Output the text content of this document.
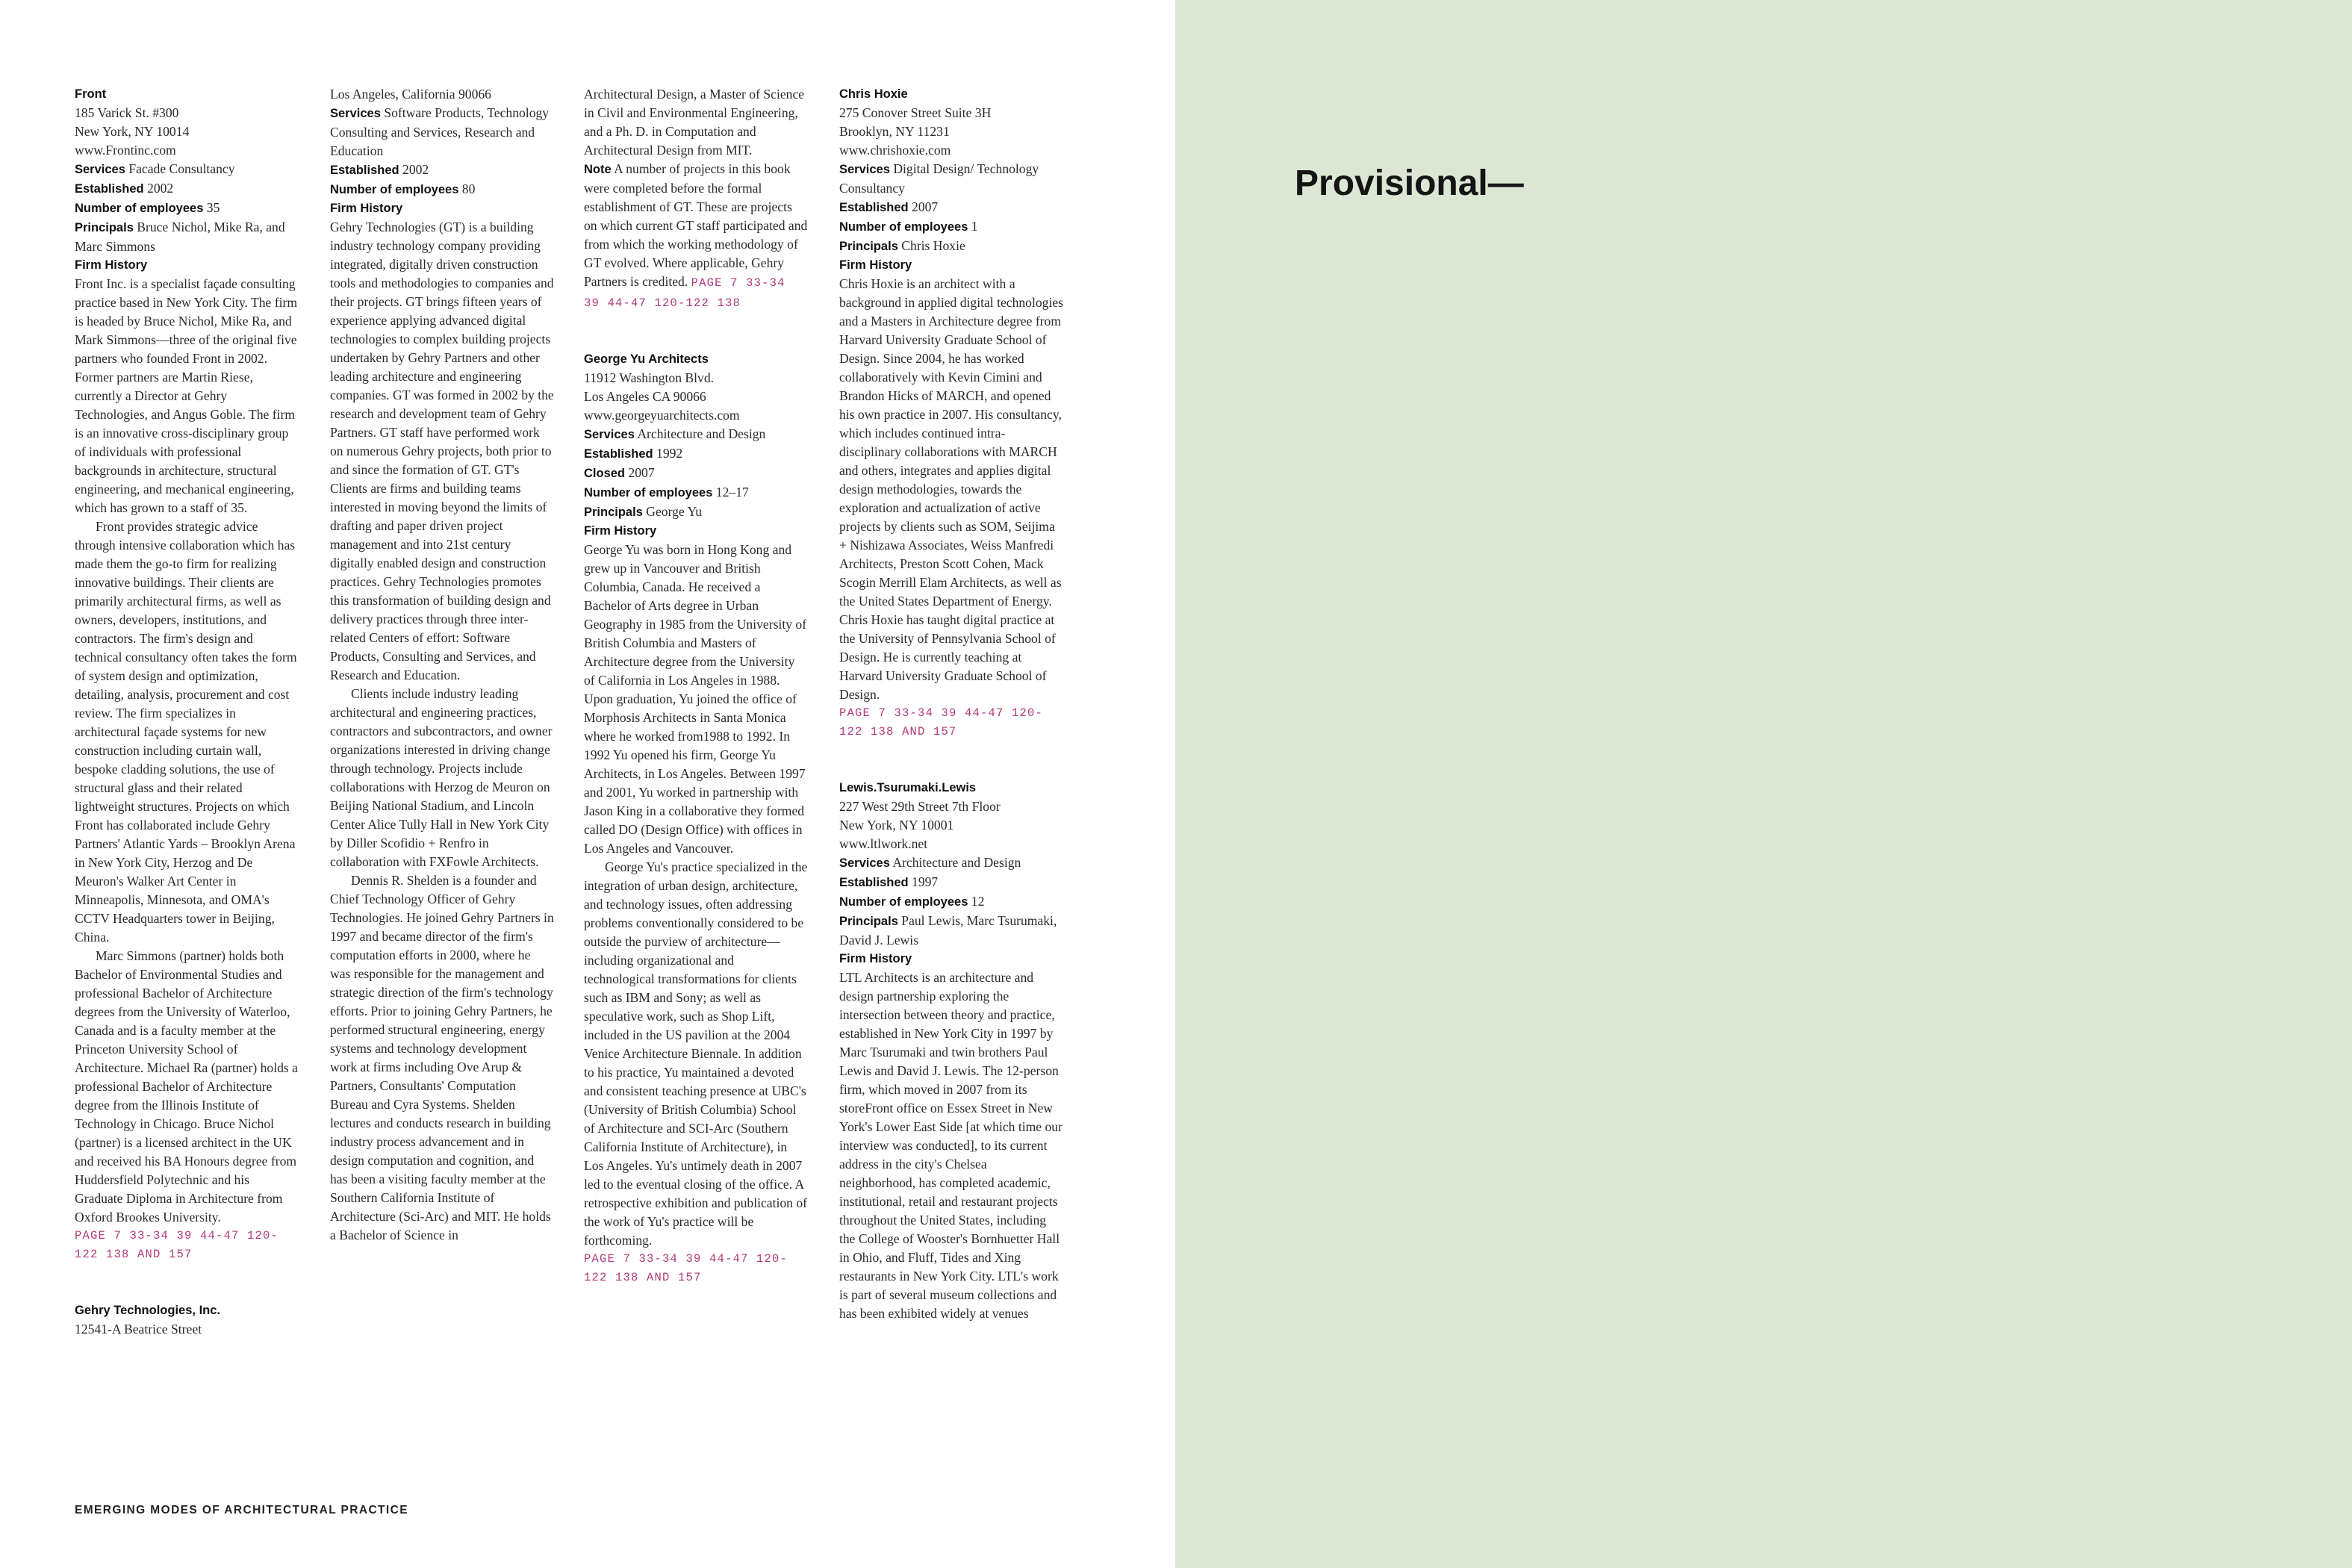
Front

185 Varick St. #300

New York, NY 10014

www.Frontinc.com

Services Facade Consultancy

Established 2002

Number of employees 35

Principals Bruce Nichol, Mike Ra, and Marc Simmons

Firm History

Front Inc. is a specialist façade consulting practice based in New York City. The firm is headed by Bruce Nichol, Mike Ra, and Mark Simmons—three of the original five partners who founded Front in 2002. Former partners are Martin Riese, currently a Director at Gehry Technologies, and Angus Goble. The firm is an innovative cross-disciplinary group of individuals with professional backgrounds in architecture, structural engineering, and mechanical engineering, which has grown to a staff of 35.

Front provides strategic advice through intensive collaboration which has made them the go-to firm for realizing innovative buildings. Their clients are primarily architectural firms, as well as owners, developers, institutions, and contractors. The firm's design and technical consultancy often takes the form of system design and optimization, detailing, analysis, procurement and cost review. The firm specializes in architectural façade systems for new construction including curtain wall, bespoke cladding solutions, the use of structural glass and their related lightweight structures. Projects on which Front has collaborated include Gehry Partners' Atlantic Yards – Brooklyn Arena in New York City, Herzog and De Meuron's Walker Art Center in Minneapolis, Minnesota, and OMA's CCTV Headquarters tower in Beijing, China.

Marc Simmons (partner) holds both Bachelor of Environmental Studies and professional Bachelor of Architecture degrees from the University of Waterloo, Canada and is a faculty member at the Princeton University School of Architecture. Michael Ra (partner) holds a professional Bachelor of Architecture degree from the Illinois Institute of Technology in Chicago. Bruce Nichol (partner) is a licensed architect in the UK and received his BA Honours degree from Huddersfield Polytechnic and his Graduate Diploma in Architecture from Oxford Brookes University.

PAGE 7 33-34 39 44-47 120-122 138 AND 157

Gehry Technologies, Inc.

12541-A Beatrice Street

Los Angeles, California 90066

Services Software Products, Technology Consulting and Services, Research and Education

Established 2002

Number of employees 80

Firm History

Gehry Technologies (GT) is a building industry technology company providing integrated, digitally driven construction tools and methodologies to companies and their projects. GT brings fifteen years of experience applying advanced digital technologies to complex building projects undertaken by Gehry Partners and other leading architecture and engineering companies. GT was formed in 2002 by the research and development team of Gehry Partners. GT staff have performed work on numerous Gehry projects, both prior to and since the formation of GT. GT's Clients are firms and building teams interested in moving beyond the limits of drafting and paper driven project management and into 21st century digitally enabled design and construction practices. Gehry Technologies promotes this transformation of building design and delivery practices through three inter-related Centers of effort: Software Products, Consulting and Services, and Research and Education.

Clients include industry leading architectural and engineering practices, contractors and subcontractors, and owner organizations interested in driving change through technology. Projects include collaborations with Herzog de Meuron on Beijing National Stadium, and Lincoln Center Alice Tully Hall in New York City by Diller Scofidio + Renfro in collaboration with FXFowle Architects.

Dennis R. Shelden is a founder and Chief Technology Officer of Gehry Technologies. He joined Gehry Partners in 1997 and became director of the firm's computation efforts in 2000, where he was responsible for the management and strategic direction of the firm's technology efforts. Prior to joining Gehry Partners, he performed structural engineering, energy systems and technology development work at firms including Ove Arup & Partners, Consultants' Computation Bureau and Cyra Systems. Shelden lectures and conducts research in building industry process advancement and in design computation and cognition, and has been a visiting faculty member at the Southern California Institute of Architecture (Sci-Arc) and MIT. He holds a Bachelor of Science in

Architectural Design, a Master of Science in Civil and Environmental Engineering, and a Ph. D. in Computation and Architectural Design from MIT.

Note A number of projects in this book were completed before the formal establishment of GT. These are projects on which current GT staff participated and from which the working methodology of GT evolved. Where applicable, Gehry Partners is credited. PAGE 7 33-34 39 44-47 120-122 138

George Yu Architects

11912 Washington Blvd.

Los Angeles CA 90066

www.georgeyuarchitects.com

Services Architecture and Design

Established 1992

Closed 2007

Number of employees 12–17

Principals George Yu

Firm History

George Yu was born in Hong Kong and grew up in Vancouver and British Columbia, Canada. He received a Bachelor of Arts degree in Urban Geography in 1985 from the University of British Columbia and Masters of Architecture degree from the University of California in Los Angeles in 1988. Upon graduation, Yu joined the office of Morphosis Architects in Santa Monica where he worked from1988 to 1992. In 1992 Yu opened his firm, George Yu Architects, in Los Angeles. Between 1997 and 2001, Yu worked in partnership with Jason King in a collaborative they formed called DO (Design Office) with offices in Los Angeles and Vancouver.

George Yu's practice specialized in the integration of urban design, architecture, and technology issues, often addressing problems conventionally considered to be outside the purview of architecture—including organizational and technological transformations for clients such as IBM and Sony; as well as speculative work, such as Shop Lift, included in the US pavilion at the 2004 Venice Architecture Biennale. In addition to his practice, Yu maintained a devoted and consistent teaching presence at UBC's (University of British Columbia) School of Architecture and SCI-Arc (Southern California Institute of Architecture), in Los Angeles. Yu's untimely death in 2007 led to the eventual closing of the office. A retrospective exhibition and publication of the work of Yu's practice will be forthcoming.

PAGE 7 33-34 39 44-47 120-122 138 AND 157

Chris Hoxie

275 Conover Street Suite 3H

Brooklyn, NY 11231

www.chrishoxie.com

Services Digital Design/ Technology Consultancy

Established 2007

Number of employees 1

Principals Chris Hoxie

Firm History

Chris Hoxie is an architect with a background in applied digital technologies and a Masters in Architecture degree from Harvard University Graduate School of Design. Since 2004, he has worked collaboratively with Kevin Cimini and Brandon Hicks of MARCH, and opened his own practice in 2007. His consultancy, which includes continued intra-disciplinary collaborations with MARCH and others, integrates and applies digital design methodologies, towards the exploration and actualization of active projects by clients such as SOM, Seijima + Nishizawa Associates, Weiss Manfredi Architects, Preston Scott Cohen, Mack Scogin Merrill Elam Architects, as well as the United States Department of Energy. Chris Hoxie has taught digital practice at the University of Pennsylvania School of Design. He is currently teaching at Harvard University Graduate School of Design.

PAGE 7 33-34 39 44-47 120-122 138 AND 157

Lewis.Tsurumaki.Lewis

227 West 29th Street 7th Floor

New York, NY 10001

www.ltlwork.net

Services Architecture and Design

Established 1997

Number of employees 12

Principals Paul Lewis, Marc Tsurumaki, David J. Lewis

Firm History

LTL Architects is an architecture and design partnership exploring the intersection between theory and practice, established in New York City in 1997 by Marc Tsurumaki and twin brothers Paul Lewis and David J. Lewis. The 12-person firm, which moved in 2007 from its storeFront office on Essex Street in New York's Lower East Side [at which time our interview was conducted], to its current address in the city's Chelsea neighborhood, has completed academic, institutional, retail and restaurant projects throughout the United States, including the College of Wooster's Bornhuetter Hall in Ohio, and Fluff, Tides and Xing restaurants in New York City. LTL's work is part of several museum collections and has been exhibited widely at venues

EMERGING MODES OF ARCHITECTURAL PRACTICE
Provisional—
